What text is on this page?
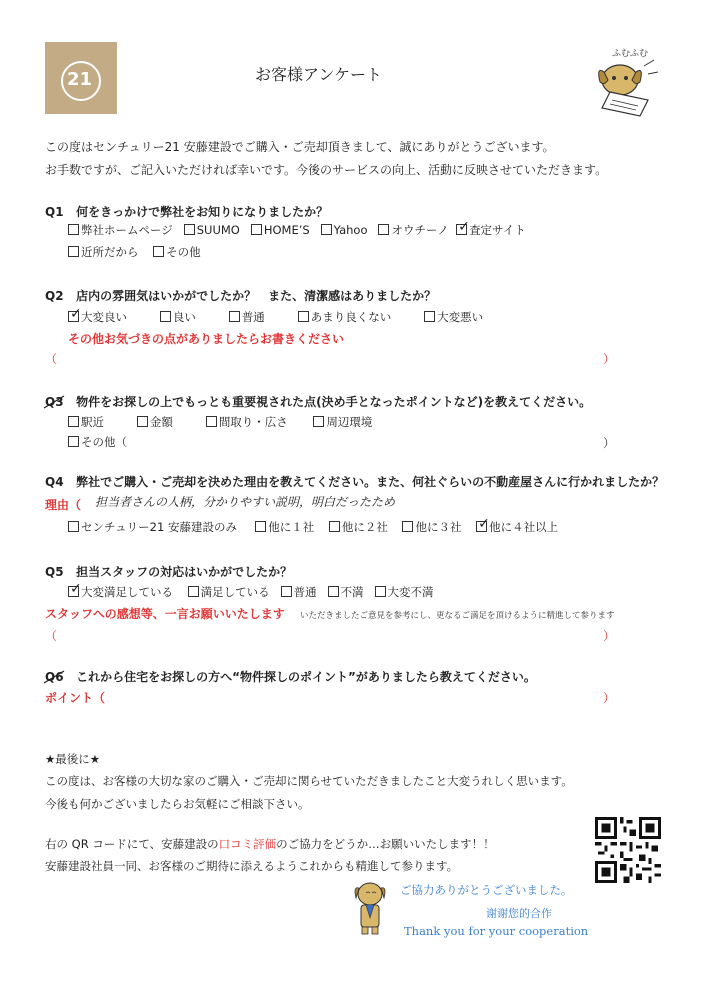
21	お客様アンケート
ふむふむ
この度はセンチュリー21 安藤建設でご購入・ご売却頂きまして、誠にありがとうございます。
お手数ですが、ご記入いただければ幸いです。今後のサービスの向上、活動に反映させていただきます。
Q1 何をきっかけで弊社をお知りになりましたか？
弊社ホームページ SUUMO HOME’S Yahoo オウチーノ ✓ 査定サイト
近所だから その他
Q2 店内の雰囲気はいかがでしたか？　また、清潔感はありましたか？
✓ 大変良い	良い	普通	あまり良くない	大変悪い
その他お気づきの点がありましたらお書きください
（	）
Q3 物件をお探しの上でもっとも重要視された点(決め手となったポイントなど)を教えてください。
駅近	金額	間取り・広さ	周辺環境
その他（	）
Q4 弊社でご購入・ご売却を決めた理由を教えてください。また、何社ぐらいの不動産屋さんに行かれましたか？
理由（ 担当者さんの人柄，分かりやすい説明，明白だったため
センチュリー21 安藤建設のみ	他に１社 他に２社 他に３社 ✓ 他に４社以上
Q5 担当スタッフの対応はいかがでしたか？
✓ 大変満足している 満足している 普通 不満 大変不満
スタッフへの感想等、一言お願いいたします いただきましたご意見を参考にし、更なるご満足を頂けるように精進して参ります
（	）
Q6 これから住宅をお探しの方へ“物件探しのポイント”がありましたら教えてください。
ポイント（	）
★最後に★
この度は、お客様の大切な家のご購入・ご売却に関らせていただきましたこと大変うれしく思います。
今後も何かございましたらお気軽にご相談下さい。
右の QR コードにて、安藤建設の口コミ評価のご協力をどうか…お願いいたします！！
安藤建設社員一同、お客様のご期待に添えるようこれからも精進して参ります。
ご協力ありがとうございました。
谢谢您的合作
Thank you for your cooperation
